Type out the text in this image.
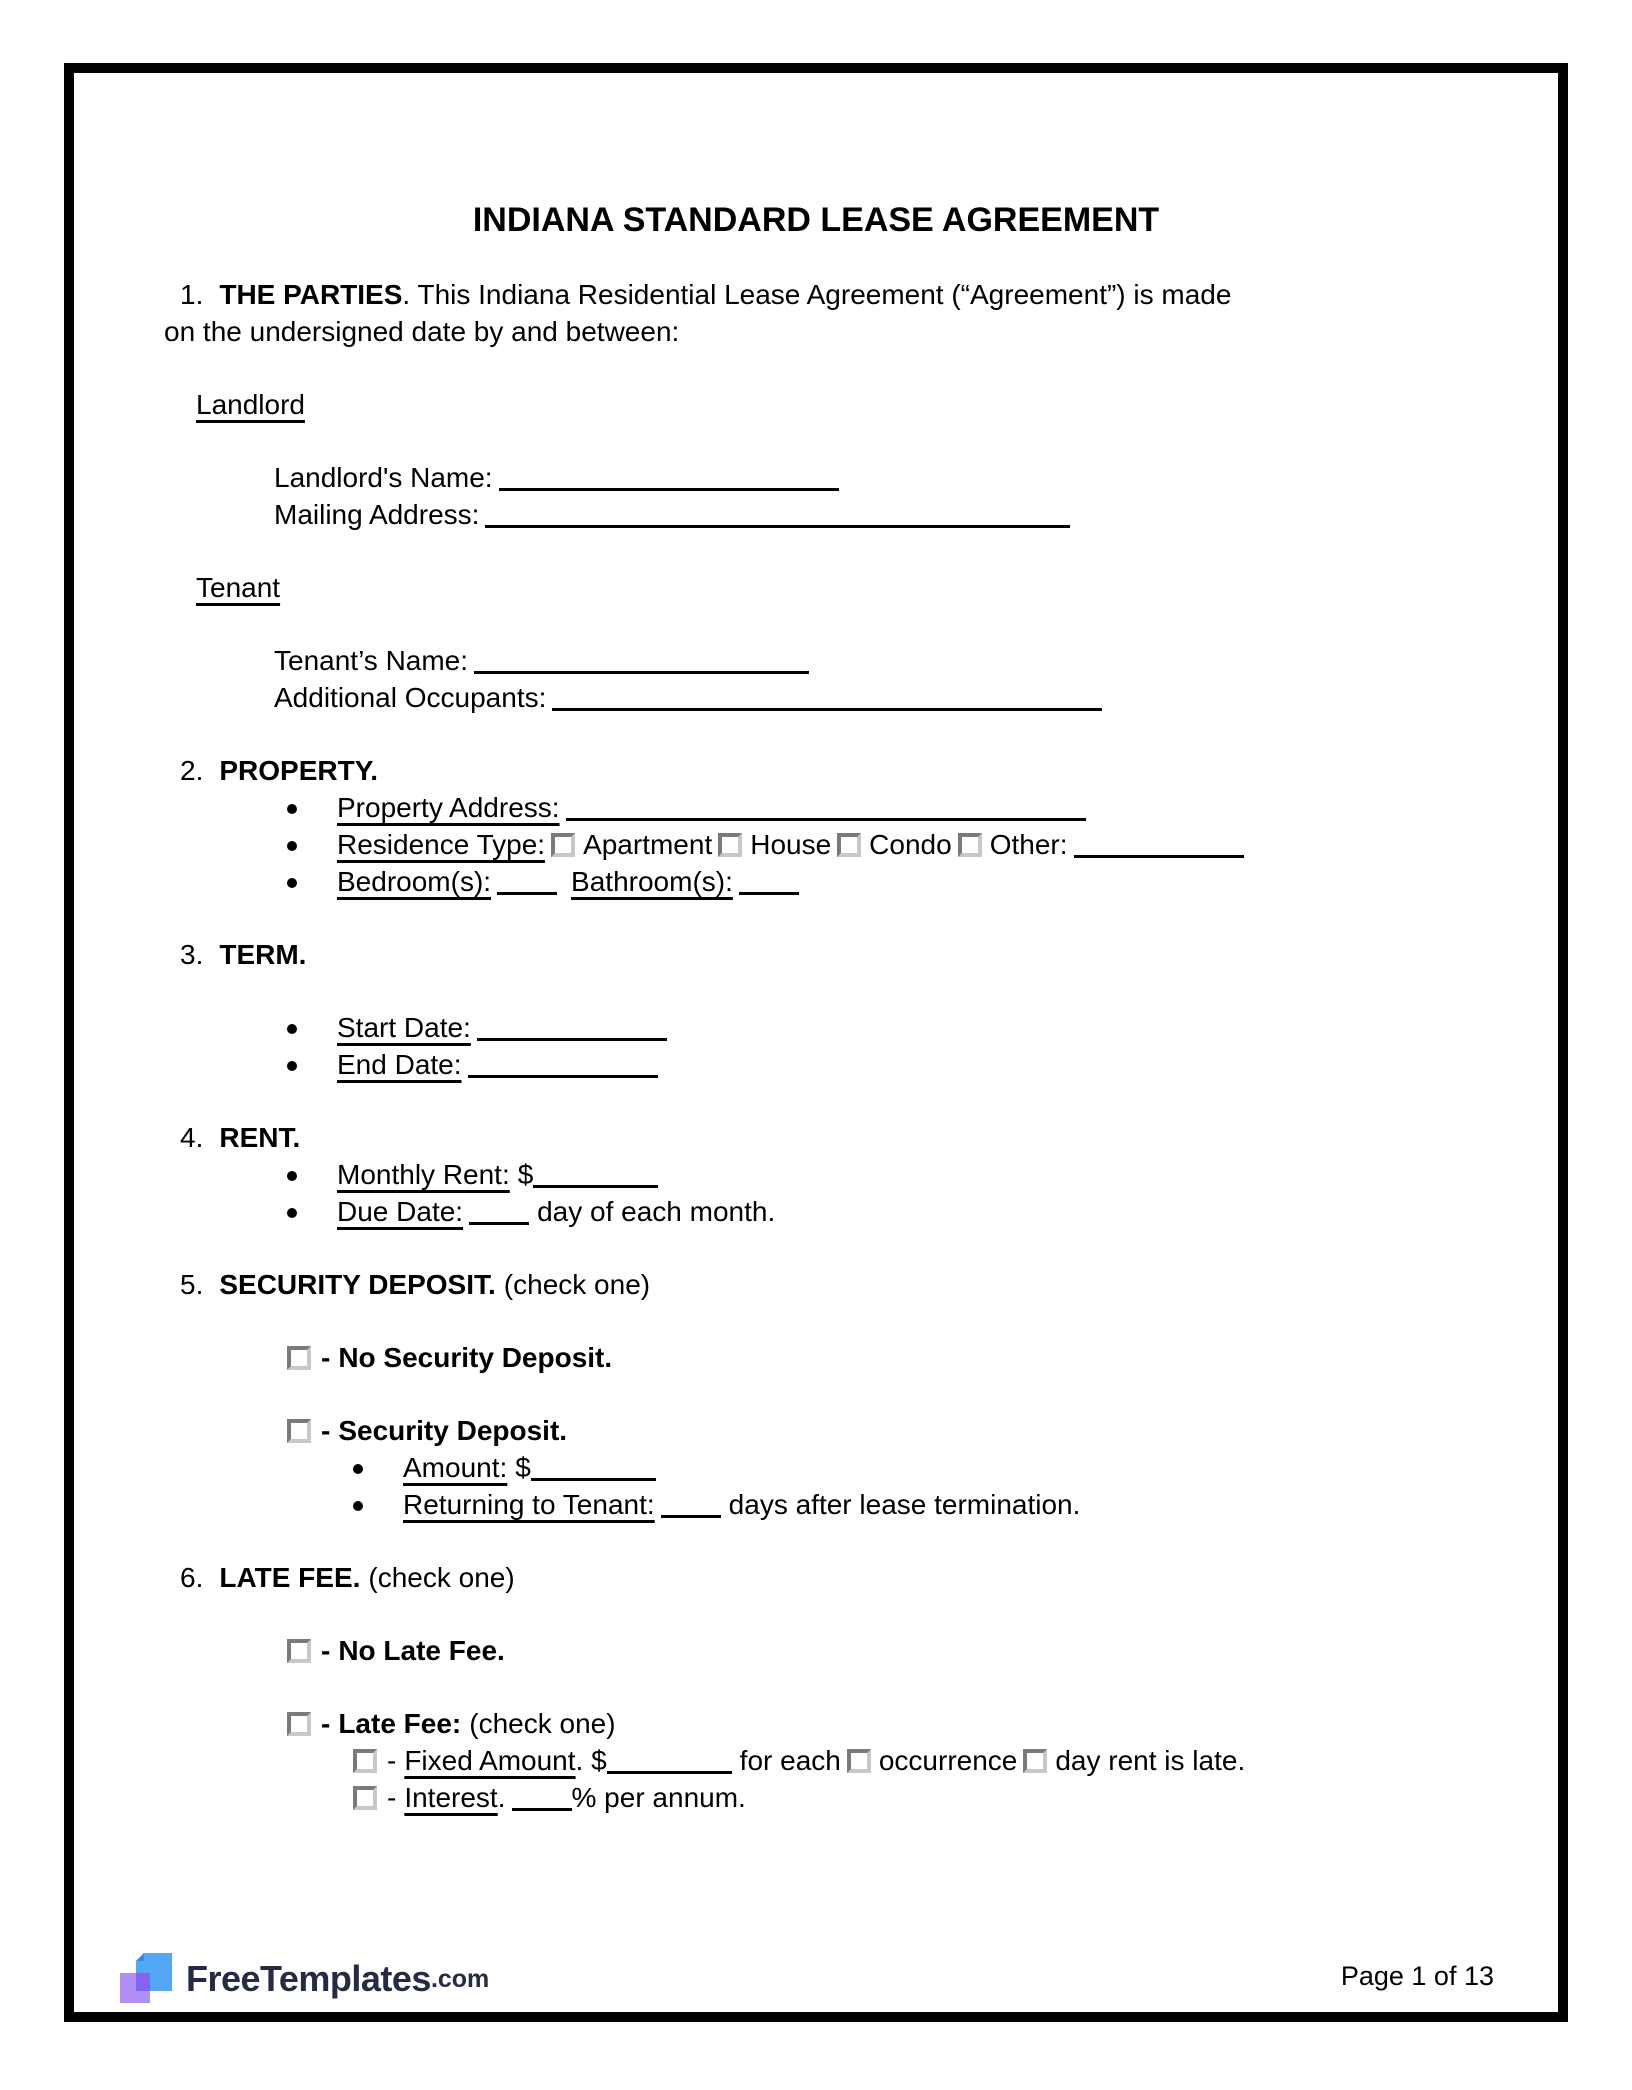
INDIANA STANDARD LEASE AGREEMENT

1. THE PARTIES. This Indiana Residential Lease Agreement (“Agreement”) is made on the undersigned date by and between:

Landlord

Landlord's Name:

Mailing Address:

Tenant

Tenant’s Name:

Additional Occupants:

2. PROPERTY.

Property Address:

Residence Type: Apartment House Condo Other:

Bedroom(s):	Bathroom(s):

3. TERM.

Start Date:

End Date:

4. RENT.

Monthly Rent: $

Due Date:	day of each month.

5. SECURITY DEPOSIT. (check one)

- No Security Deposit.

- Security Deposit.

Amount: $

Returning to Tenant:	days after lease termination.

6. LATE FEE. (check one)

- No Late Fee.

- Late Fee: (check one)

- Fixed Amount. $	for each occurrence day rent is late.

- Interest. % per annum.

FreeTemplates .com	Page 1 of 13
